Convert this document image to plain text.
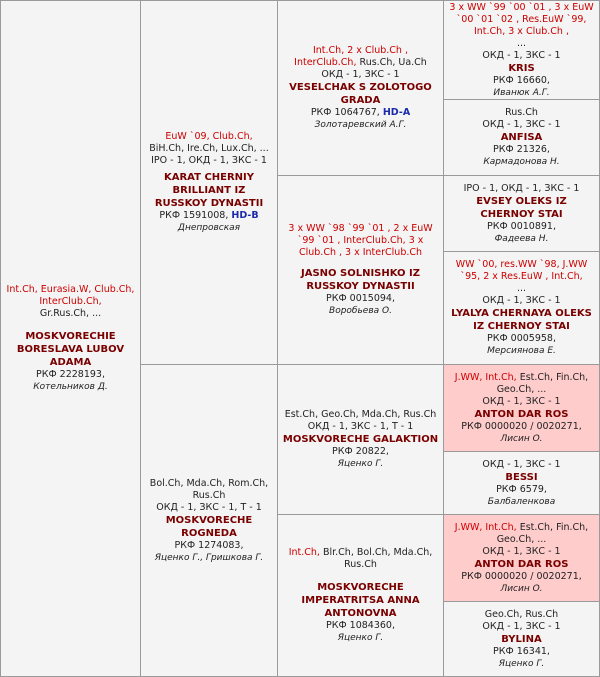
Int.Ch, Eurasia.W, Club.Ch, InterClub.Ch,
Gr.Rus.Ch, ...
MOSKVORECHIE BORESLAVA LUBOV ADAMA
РКФ 2228193,
Котельников Д.
EuW `09, Club.Ch,
BiH.Ch, Ire.Ch, Lux.Ch, ...
IPO - 1, ОКД - 1, ЗКС - 1
KARAT CHERNIY BRILLIANT IZ RUSSKOY DYNASTII
РКФ 1591008, HD-B
Днепровская
Bol.Ch, Mda.Ch, Rom.Ch, Rus.Ch
ОКД - 1, ЗКС - 1, Т - 1
MOSKVORECHE ROGNEDA
РКФ 1274083,
Яценко Г., Гришкова Г.
Int.Ch, 2 x Club.Ch ,
InterClub.Ch, Rus.Ch, Ua.Ch
ОКД - 1, ЗКС - 1
VESELCHAK S ZOLOTOGO GRADA
РКФ 1064767, HD-A
Золотаревский А.Г.
3 x WW `98 `99 `01 , 2 x EuW `99 `01 , InterClub.Ch, 3 x Club.Ch , 3 x InterClub.Ch
JASNO SOLNISHKO IZ RUSSKOY DYNASTII
РКФ 0015094,
Воробьева О.
Est.Ch, Geo.Ch, Mda.Ch, Rus.Ch
ОКД - 1, ЗКС - 1, Т - 1
MOSKVORECHE GALAKTION
РКФ 20822,
Яценко Г.
Int.Ch, Blr.Ch, Bol.Ch, Mda.Ch, Rus.Ch
MOSKVORECHE IMPERATRITSA ANNA ANTONOVNA
РКФ 1084360,
Яценко Г.
3 x WW `99 `00 `01 , 3 x EuW `00 `01 `02 , Res.EuW `99, Int.Ch, 3 x Club.Ch ,
...
ОКД - 1, ЗКС - 1
KRIS
РКФ 16660,
Иванюк А.Г.
Rus.Ch
ОКД - 1, ЗКС - 1
ANFISA
РКФ 21326,
Кармадонова Н.
IPO - 1, ОКД - 1, ЗКС - 1
EVSEY OLEKS IZ CHERNOY STAI
РКФ 0010891,
Фадеева Н.
WW `00, res.WW `98, J.WW `95, 2 x Res.EuW , Int.Ch,
...
ОКД - 1, ЗКС - 1
LYALYA CHERNAYA OLEKS IZ CHERNOY STAI
РКФ 0005958,
Мерсиянова Е.
J.WW, Int.Ch, Est.Ch, Fin.Ch, Geo.Ch, ...
ОКД - 1, ЗКС - 1
ANTON DAR ROS
РКФ 0000020 / 0020271,
Лисин О.
ОКД - 1, ЗКС - 1
BESSI
РКФ 6579,
Балбаленкова
J.WW, Int.Ch, Est.Ch, Fin.Ch, Geo.Ch, ...
ОКД - 1, ЗКС - 1
ANTON DAR ROS
РКФ 0000020 / 0020271,
Лисин О.
Geo.Ch, Rus.Ch
ОКД - 1, ЗКС - 1
BYLINA
РКФ 16341,
Яценко Г.
